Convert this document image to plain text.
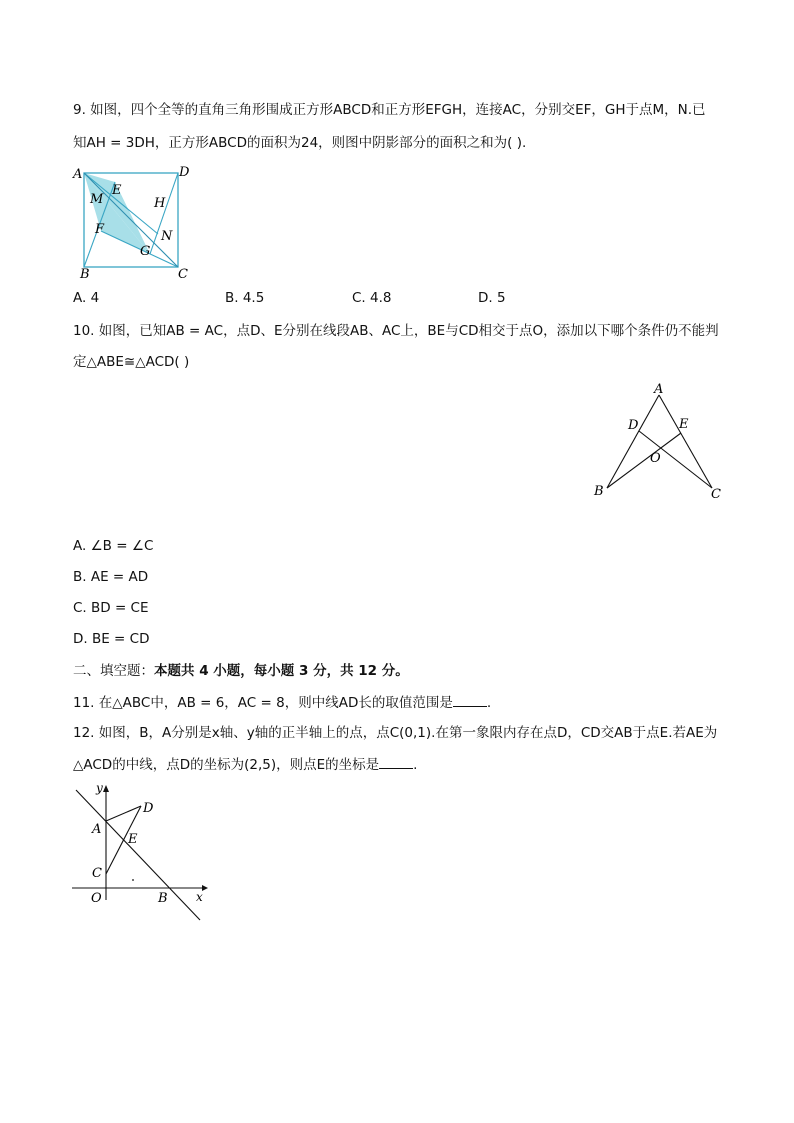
9. 如图，四个全等的直角三角形围成正方形ABCD和正方形EFGH，连接AC，分别交EF，GH于点M，N.已
知AH = 3DH，正方形ABCD的面积为24，则图中阴影部分的面积之和为( ).
A
B	C
D
E
M	H
F	N
G
A. 4	B. 4.5	C. 4.8	D. 5
10. 如图，已知AB = AC，点D、E分别在线段AB、AC上，BE与CD相交于点O，添加以下哪个条件仍不能判
定△ABE≅△ACD( )
A
D	E
O
B	C
A. ∠B = ∠C
B. AE = AD
C. BD = CE
D. BE = CD
二、填空题：本题共 4 小题，每小题 3 分，共 12 分。
11. 在△ABC中，AB = 6，AC = 8，则中线AD长的取值范围是	.
12. 如图，B，A分别是x轴、y轴的正半轴上的点，点C(0,1).在第一象限内存在点D，CD交AB于点E.若AE为
△ACD的中线，点D的坐标为(2,5)，则点E的坐标是	.
y
D
A
E
C
O	B x
